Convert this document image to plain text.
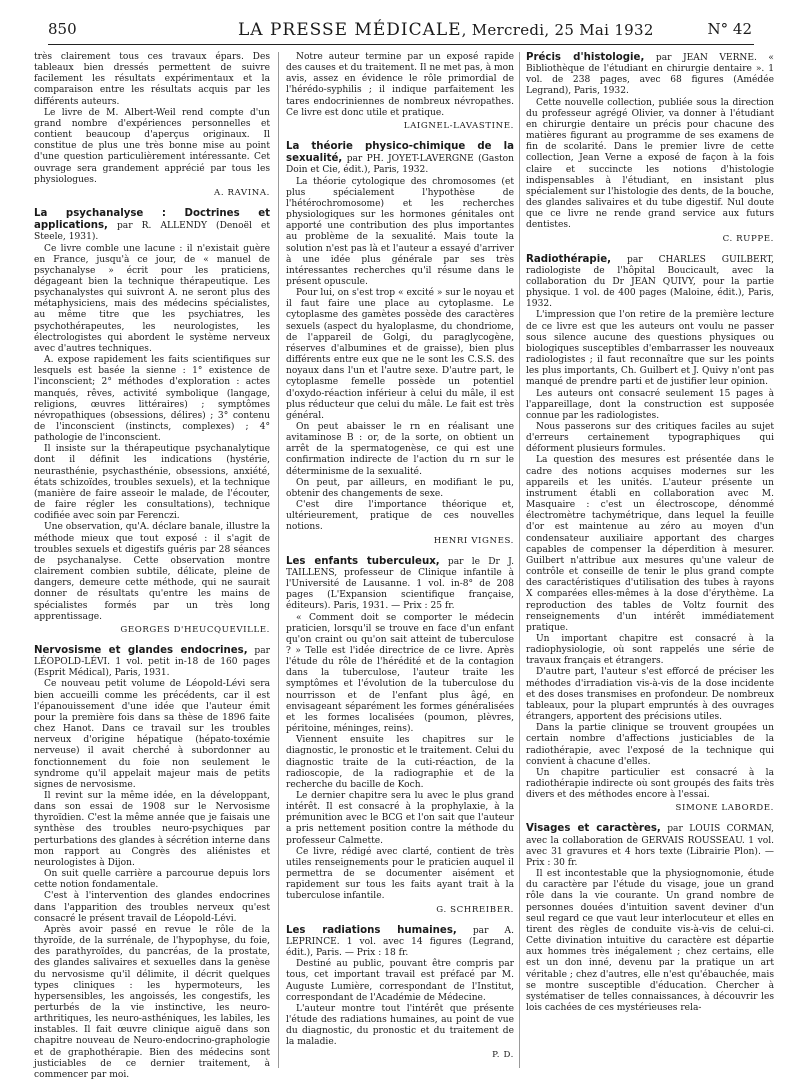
850	LA PRESSE MÉDICALE, Mercredi, 25 Mai 1932	N° 42

très clairement tous ces travaux épars. Des tableaux bien dressés permettent de suivre facilement les résultats expérimentaux et la comparaison entre les résultats acquis par les différents auteurs.

Le livre de M. Albert-Weil rend compte d'un grand nombre d'expériences personnelles et contient beaucoup d'aperçus originaux. Il constitue de plus une très bonne mise au point d'une question particulièrement intéressante. Cet ouvrage sera grandement apprécié par tous les physiologues.

A. RAVINA.

La psychanalyse : Doctrines et applications, par R. ALLENDY (Denoël et Steele, 1931).

Ce livre comble une lacune : il n'existait guère en France, jusqu'à ce jour, de « manuel de psychanalyse » écrit pour les praticiens, dégageant bien la technique thérapeutique. Les psychanalystes qui suivront A. ne seront plus des métaphysiciens, mais des médecins spécialistes, au même titre que les psychiatres, les psychothérapeutes, les neurologistes, les électrologistes qui abordent le système nerveux avec d'autres techniques.

A. expose rapidement les faits scientifiques sur lesquels est basée la sienne : 1° existence de l'inconscient; 2° méthodes d'exploration : actes manqués, rêves, activité symbolique (langage, religions, œuvres littéraires) ; symptômes névropathiques (obsessions, délires) ; 3° contenu de l'inconscient (instincts, complexes) ; 4° pathologie de l'inconscient.

Il insiste sur la thérapeutique psychanalytique dont il définit les indications (hystérie, neurasthénie, psychasthénie, obsessions, anxiété, états schizoïdes, troubles sexuels), et la technique (manière de faire asseoir le malade, de l'écouter, de faire régler les consultations), technique codifiée avec soin par Ferenczi.

Une observation, qu'A. déclare banale, illustre la méthode mieux que tout exposé : il s'agit de troubles sexuels et digestifs guéris par 28 séances de psychanalyse. Cette observation montre clairement combien subtile, délicate, pleine de dangers, demeure cette méthode, qui ne saurait donner de résultats qu'entre les mains de spécialistes formés par un très long apprentissage.

GEORGES D'HEUCQUEVILLE.

Nervosisme et glandes endocrines, par LÉOPOLD-LÉVI. 1 vol. petit in-18 de 160 pages (Esprit Médical), Paris, 1931.

Ce nouveau petit volume de Léopold-Lévi sera bien accueilli comme les précédents, car il est l'épanouissement d'une idée que l'auteur émit pour la première fois dans sa thèse de 1896 faite chez Hanot. Dans ce travail sur les troubles nerveux d'origine hépatique (hépato-toxémie nerveuse) il avait cherché à subordonner au fonctionnement du foie non seulement le syndrome qu'il appelait majeur mais de petits signes de nervosisme.

Il revint sur la même idée, en la développant, dans son essai de 1908 sur le Nervosisme thyroïdien. C'est la même année que je faisais une synthèse des troubles neuro-psychiques par perturbations des glandes à sécrétion interne dans mon rapport au Congrès des aliénistes et neurologistes à Dijon.

On suit quelle carrière a parcourue depuis lors cette notion fondamentale.

C'est à l'intervention des glandes endocrines dans l'apparition des troubles nerveux qu'est consacré le présent travail de Léopold-Lévi.

Après avoir passé en revue le rôle de la thyroïde, de la surrénale, de l'hypophyse, du foie, des parathyroïdes, du pancréas, de la prostate, des glandes salivaires et sexuelles dans la genèse du nervosisme qu'il délimite, il décrit quelques types cliniques : les hypermoteurs, les hypersensibles, les angoissés, les congestifs, les perturbés de la vie instinctive, les neuro-arthritiques, les neuro-asthéniques, les labiles, les instables. Il fait œuvre clinique aiguë dans son chapitre nouveau de Neuro-endocrino-graphologie et de graphothérapie. Bien des médecins sont justiciables de ce dernier traitement, à commencer par moi.

Notre auteur termine par un exposé rapide des causes et du traitement. Il ne met pas, à mon avis, assez en évidence le rôle primordial de l'hérédo-syphilis ; il indique parfaitement les tares endocriniennes de nombreux névropathes. Ce livre est donc utile et pratique.

LAIGNEL-LAVASTINE.

La théorie physico-chimique de la sexualité, par PH. JOYET-LAVERGNE (Gaston Doin et Cie, édit.), Paris, 1932.

La théorie cytologique des chromosomes (et plus spécialement l'hypothèse de l'hétérochromosome) et les recherches physiologiques sur les hormones génitales ont apporté une contribution des plus importantes au problème de la sexualité. Mais toute la solution n'est pas là et l'auteur a essayé d'arriver à une idée plus générale par ses très intéressantes recherches qu'il résume dans le présent opuscule.

Pour lui, on s'est trop « excité » sur le noyau et il faut faire une place au cytoplasme. Le cytoplasme des gamètes possède des caractères sexuels (aspect du hyaloplasme, du chondriome, de l'appareil de Golgi, du paraglycogène, réserves d'albumines et de graisse), bien plus différents entre eux que ne le sont les C.S.S. des noyaux dans l'un et l'autre sexe. D'autre part, le cytoplasme femelle possède un potentiel d'oxydo-réaction inférieur à celui du mâle, il est plus réducteur que celui du mâle. Le fait est très général.

On peut abaisser le rn en réalisant une avitaminose B : or, de la sorte, on obtient un arrêt de la spermatogenèse, ce qui est une confirmation indirecte de l'action du rn sur le déterminisme de la sexualité.

On peut, par ailleurs, en modifiant le pu, obtenir des changements de sexe.

C'est dire l'importance théorique et, ultérieurement, pratique de ces nouvelles notions.

HENRI VIGNES.

Les enfants tuberculeux, par le Dr J. TAILLENS, professeur de Clinique infantile à l'Université de Lausanne. 1 vol. in-8° de 208 pages (L'Expansion scientifique française, éditeurs). Paris, 1931. — Prix : 25 fr.

« Comment doit se comporter le médecin praticien, lorsqu'il se trouve en face d'un enfant qu'on craint ou qu'on sait atteint de tuberculose ? » Telle est l'idée directrice de ce livre. Après l'étude du rôle de l'hérédité et de la contagion dans la tuberculose, l'auteur traite les symptômes et l'évolution de la tuberculose du nourrisson et de l'enfant plus âgé, en envisageant séparément les formes généralisées et les formes localisées (poumon, plèvres, péritoine, méninges, reins).

Viennent ensuite les chapitres sur le diagnostic, le pronostic et le traitement. Celui du diagnostic traite de la cuti-réaction, de la radioscopie, de la radiographie et de la recherche du bacille de Koch.

Le dernier chapitre sera lu avec le plus grand intérêt. Il est consacré à la prophylaxie, à la prémunition avec le BCG et l'on sait que l'auteur a pris nettement position contre la méthode du professeur Calmette.

Ce livre, rédigé avec clarté, contient de très utiles renseignements pour le praticien auquel il permettra de se documenter aisément et rapidement sur tous les faits ayant trait à la tuberculose infantile.

G. SCHREIBER.

Les radiations humaines, par A. LEPRINCE. 1 vol. avec 14 figures (Legrand, édit.), Paris. — Prix : 18 fr.

Destiné au public, pouvant être compris par tous, cet important travail est préfacé par M. Auguste Lumière, correspondant de l'Institut, correspondant de l'Académie de Médecine.

L'auteur montre tout l'intérêt que présente l'étude des radiations humaines, au point de vue du diagnostic, du pronostic et du traitement de la maladie.

P. D.

Précis d'histologie, par JEAN VERNE. « Bibliothèque de l'étudiant en chirurgie dentaire ». 1 vol. de 238 pages, avec 68 figures (Amédée Legrand), Paris, 1932.

Cette nouvelle collection, publiée sous la direction du professeur agrégé Olivier, va donner à l'étudiant en chirurgie dentaire un précis pour chacune des matières figurant au programme de ses examens de fin de scolarité. Dans le premier livre de cette collection, Jean Verne a exposé de façon à la fois claire et succincte les notions d'histologie indispensables à l'étudiant, en insistant plus spécialement sur l'histologie des dents, de la bouche, des glandes salivaires et du tube digestif. Nul doute que ce livre ne rende grand service aux futurs dentistes.

C. RUPPE.

Radiothérapie, par CHARLES GUILBERT, radiologiste de l'hôpital Boucicault, avec la collaboration du Dr JEAN QUIVY, pour la partie physique. 1 vol. de 400 pages (Maloine, édit.), Paris, 1932.

L'impression que l'on retire de la première lecture de ce livre est que les auteurs ont voulu ne passer sous silence aucune des questions physiques ou biologiques susceptibles d'embarrasser les nouveaux radiologistes ; il faut reconnaître que sur les points les plus importants, Ch. Guilbert et J. Quivy n'ont pas manqué de prendre parti et de justifier leur opinion.

Les auteurs ont consacré seulement 15 pages à l'appareillage, dont la construction est supposée connue par les radiologistes.

Nous passerons sur des critiques faciles au sujet d'erreurs certainement typographiques qui déforment plusieurs formules.

La question des mesures est présentée dans le cadre des notions acquises modernes sur les appareils et les unités. L'auteur présente un instrument établi en collaboration avec M. Masquaire : c'est un électroscope, dénommé électromètre tachymétrique, dans lequel la feuille d'or est maintenue au zéro au moyen d'un condensateur auxiliaire apportant des charges capables de compenser la déperdition à mesurer. Guilbert n'attribue aux mesures qu'une valeur de contrôle et conseille de tenir le plus grand compte des caractéristiques d'utilisation des tubes à rayons X comparées elles-mêmes à la dose d'érythème. La reproduction des tables de Voltz fournit des renseignements d'un intérêt immédiatement pratique.

Un important chapitre est consacré à la radiophysiologie, où sont rappelés une série de travaux français et étrangers.

D'autre part, l'auteur s'est efforcé de préciser les méthodes d'irradiation vis-à-vis de la dose incidente et des doses transmises en profondeur. De nombreux tableaux, pour la plupart empruntés à des ouvrages étrangers, apportent des précisions utiles.

Dans la partie clinique se trouvent groupées un certain nombre d'affections justiciables de la radiothérapie, avec l'exposé de la technique qui convient à chacune d'elles.

Un chapitre particulier est consacré à la radiothérapie indirecte où sont groupés des faits très divers et des méthodes encore à l'essai.

SIMONE LABORDE.

Visages et caractères, par LOUIS CORMAN, avec la collaboration de GERVAIS ROUSSEAU. 1 vol. avec 31 gravures et 4 hors texte (Librairie Plon). — Prix : 30 fr.

Il est incontestable que la physiognomonie, étude du caractère par l'étude du visage, joue un grand rôle dans la vie courante. Un grand nombre de personnes douées d'intuition savent deviner d'un seul regard ce que vaut leur interlocuteur et elles en tirent des règles de conduite vis-à-vis de celui-ci. Cette divination intuitive du caractère est départie aux hommes très inégalement ; chez certains, elle est un don inné, devenu par la pratique un art véritable ; chez d'autres, elle n'est qu'ébauchée, mais se montre susceptible d'éducation. Chercher à systématiser de telles connaissances, à découvrir les lois cachées de ces mystérieuses rela-
